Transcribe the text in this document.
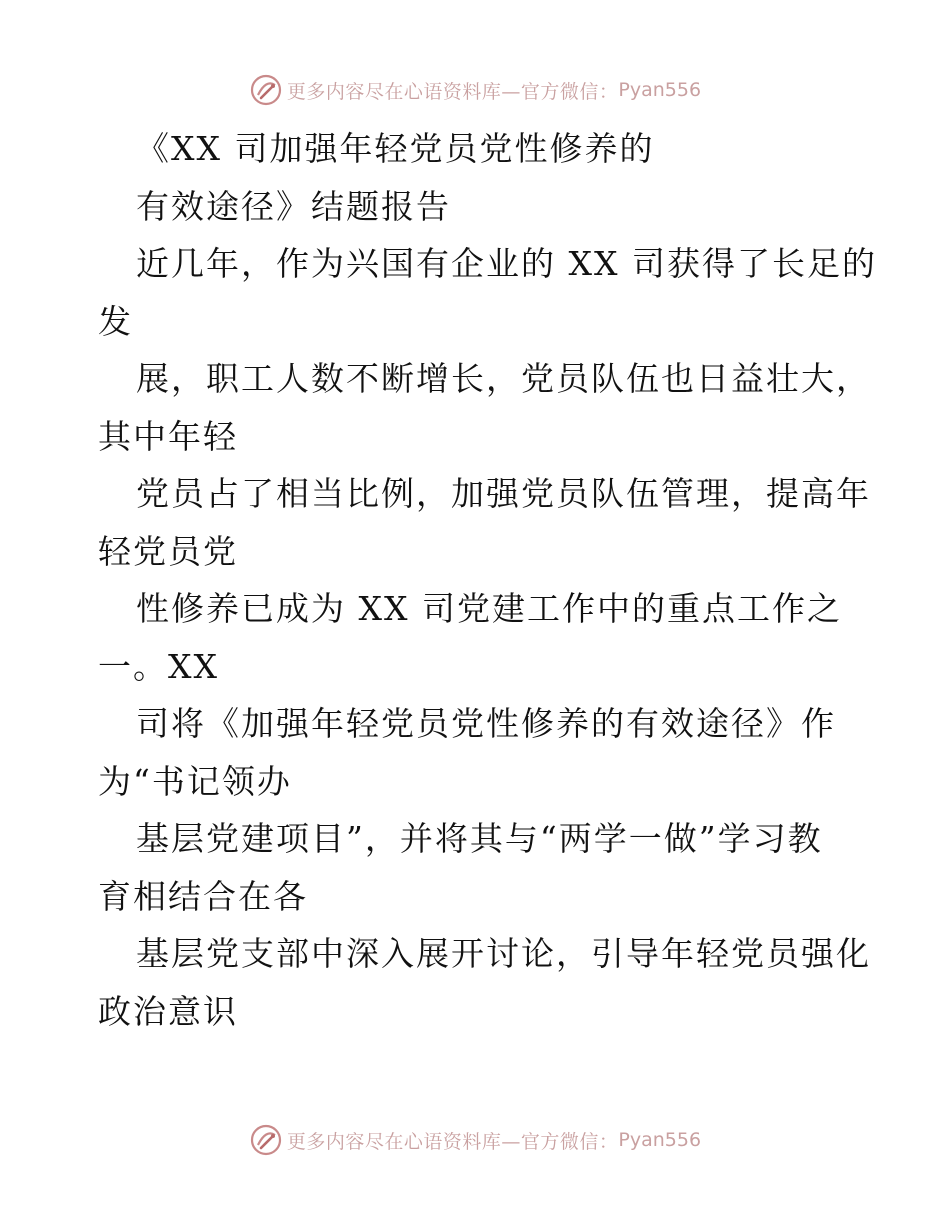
更多内容尽在心语资料库—官方微信： Pyan556
《XX 司加强年轻党员党性修养的
有效途径》结题报告
近几年，作为兴国有企业的 XX 司获得了长足的
发
展，职工人数不断增长，党员队伍也日益壮大，
其中年轻
党员占了相当比例，加强党员队伍管理，提高年
轻党员党
性修养已成为 XX 司党建工作中的重点工作之
一。XX
司将《加强年轻党员党性修养的有效途径》作
为“书记领办
基层党建项目”，并将其与“两学一做”学习教
育相结合在各
基层党支部中深入展开讨论，引导年轻党员强化
政治意识
更多内容尽在心语资料库—官方微信： Pyan556
